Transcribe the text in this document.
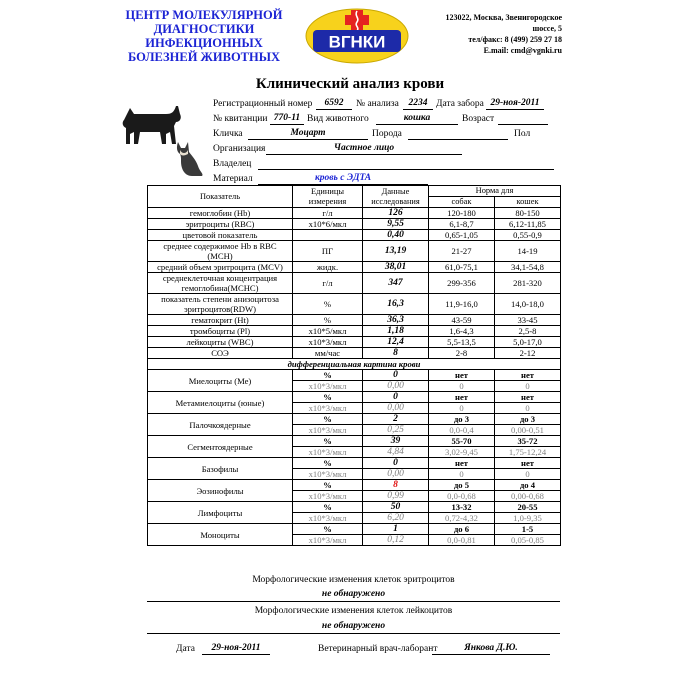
ЦЕНТР МОЛЕКУЛЯРНОЙ
ДИАГНОСТИКИ
ИНФЕКЦИОННЫХ
БОЛЕЗНЕЙ ЖИВОТНЫХ
ВГНКИ
123022, Москва, Звенигородское
шоссе, 5
тел/факс: 8 (499) 259 27 18
E.mail: cmd@vgnki.ru
Клинический анализ крови
Регистрационный номер	6592	№ анализа	2234 Дата забора 29-ноя-2011
№ квитанции 770-11 Вид животного	кошка	Возраст
Кличка	Моцарт	Порода	Пол
Организация	Частное лицо
Владелец
Материал	кровь с ЭДТА
Показатель	Единицы измерения	Данные исследования	Норма для	
			собак	кошек
гемоглобин (Hb)	г/л	126	120-180	80-150
эритроциты (RBC)	x10*6/мкл	9,55	6,1-8,7	6,12-11,85
цветовой показатель		0,40	0,65-1,05	0,55-0,9
среднее содержимое Hb в RBC (MCH)	ПГ	13,19	21-27	14-19
средний объем эритроцита (MCV)	жидк.	38,01	61,0-75,1	34,1-54,8
среднеклеточная концентрация гемоглобина(MCHC)	г/л	347	299-356	281-320
показатель степени анизоцитоза эритроцитов(RDW)	%	16,3	11,9-16,0	14,0-18,0
гематокрит (Ht)	%	36,3	43-59	33-45
тромбоциты (Pl)	x10*5/мкл	1,18	1,6-4,3	2,5-8
лейкоциты (WBC)	x10*3/мкл	12,4	5,5-13,5	5,0-17,0
СОЭ	мм/час	8	2-8	2-12
дифференциальная картина крови				
Миелоциты (Ме)	%	0	нет	нет
	x10*3/мкл	0,00	0	0
Метамиелоциты (юные)	%	0	нет	нет
	x10*3/мкл	0,00	0	0
Палочкоядерные	%	2	до 3	до 3
	x10*3/мкл	0,25	0,0-0,4	0,00-0,51
Сегментоядерные	%	39	55-70	35-72
	x10*3/мкл	4,84	3,02-9,45	1,75-12,24
Базофилы	%	0	нет	нет
	x10*3/мкл	0,00	0	0
Эозинофилы	%	8	до 5	до 4
	x10*3/мкл	0,99	0,0-0,68	0,00-0,68
Лимфоциты	%	50	13-32	20-55
	x10*3/мкл	6,20	0,72-4,32	1,0-9,35
Моноциты	%	1	до 6	1-5
	x10*3/мкл	0,12	0,0-0,81	0,05-0,85
Морфологические изменения клеток эритроцитов
не обнаружено
Морфологические изменения клеток лейкоцитов
не обнаружено
Дата	29-ноя-2011	Ветеринарный врач-лаборант	Янкова Д.Ю.
